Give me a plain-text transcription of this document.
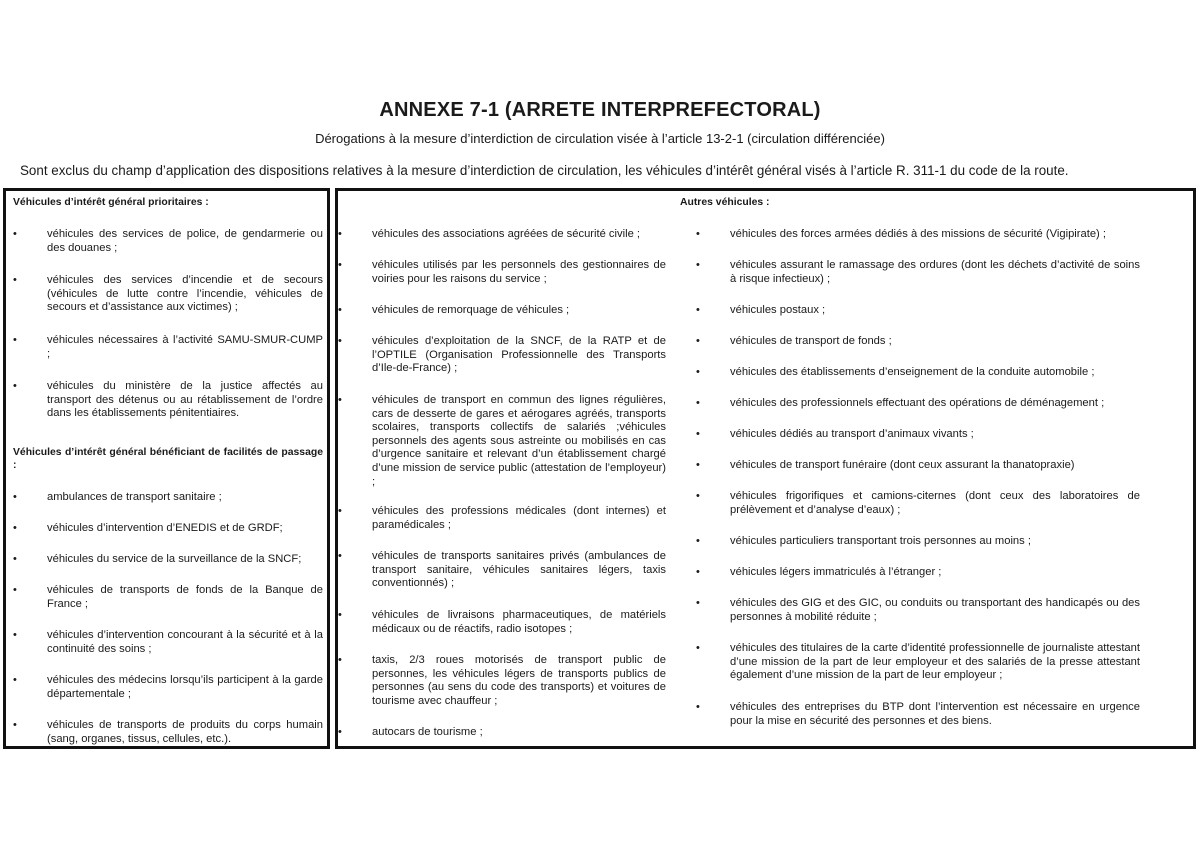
ANNEXE 7-1 (ARRETE INTERPREFECTORAL)
Dérogations à la mesure d’interdiction de circulation visée à l’article 13-2-1 (circulation différenciée)
Sont exclus du champ d’application des dispositions relatives à la mesure d’interdiction de circulation, les véhicules d’intérêt général visés à l’article R. 311-1 du code de la route.
Véhicules d’intérêt général prioritaires :
•	véhicules des services de police, de gendarmerie ou des douanes ;
•	véhicules des services d’incendie et de secours (véhicules de lutte contre l’incendie, véhicules de secours et d’assistance aux victimes) ;
•	véhicules nécessaires à l’activité SAMU-SMUR-CUMP ;
•	véhicules du ministère de la justice affectés au transport des détenus ou au rétablissement de l’ordre dans les établissements pénitentiaires.
Véhicules d’intérêt général bénéficiant de facilités de passage :
•	ambulances de transport sanitaire ;
•	véhicules d’intervention d’ENEDIS et de GRDF;
•	véhicules du service de la surveillance de la SNCF;
•	véhicules de transports de fonds de la Banque de France ;
•	véhicules d’intervention concourant à la sécurité et à la continuité des soins ;
•	véhicules des médecins lorsqu’ils participent à la garde départementale ;
•	véhicules de transports de produits du corps humain (sang, organes, tissus, cellules, etc.).
Autres véhicules :
•	véhicules des associations agréées de sécurité civile ;
•	véhicules utilisés par les personnels des gestionnaires de voiries pour les raisons du service ;
•	véhicules de remorquage de véhicules ;
•	véhicules d’exploitation de la SNCF, de la RATP et de l’OPTILE (Organisation Professionnelle des Transports d’Ile-de-France) ;
•	véhicules de transport en commun des lignes régulières, cars de desserte de gares et aérogares agréés, transports scolaires, transports collectifs de salariés ;véhicules personnels des agents sous astreinte ou mobilisés en cas d’urgence sanitaire et relevant d’un établissement chargé d’une mission de service public (attestation de l’employeur) ;
•	véhicules des professions médicales (dont internes) et paramédicales ;
•	véhicules de transports sanitaires privés (ambulances de transport sanitaire, véhicules sanitaires légers, taxis conventionnés) ;
•	véhicules de livraisons pharmaceutiques, de matériels médicaux ou de réactifs, radio isotopes ;
•	taxis, 2/3 roues motorisés de transport public de personnes, les véhicules légers de transports publics de personnes (au sens du code des transports) et voitures de tourisme avec chauffeur ;
•	autocars de tourisme ;
•	véhicules des forces armées dédiés à des missions de sécurité (Vigipirate) ;
•	véhicules assurant le ramassage des ordures (dont les déchets d’activité de soins à risque infectieux) ;
•	véhicules postaux ;
•	véhicules de transport de fonds ;
•	véhicules des établissements d’enseignement de la conduite automobile ;
•	véhicules des professionnels effectuant des opérations de déménagement ;
•	véhicules dédiés au transport d’animaux vivants ;
•	véhicules de transport funéraire (dont ceux assurant la thanatopraxie)
•	véhicules frigorifiques et camions-citernes (dont ceux des laboratoires de prélèvement et d’analyse d’eaux) ;
•	véhicules particuliers transportant trois personnes au moins ;
•	véhicules légers immatriculés à l’étranger ;
•	véhicules des GIG et des GIC, ou conduits ou transportant des handicapés ou des personnes à mobilité réduite ;
•	véhicules des titulaires de la carte d’identité professionnelle de journaliste attestant d’une mission de la part de leur employeur et des salariés de la presse attestant également d’une mission de la part de leur employeur ;
•	véhicules des entreprises du BTP dont l’intervention est nécessaire en urgence pour la mise en sécurité des personnes et des biens.
